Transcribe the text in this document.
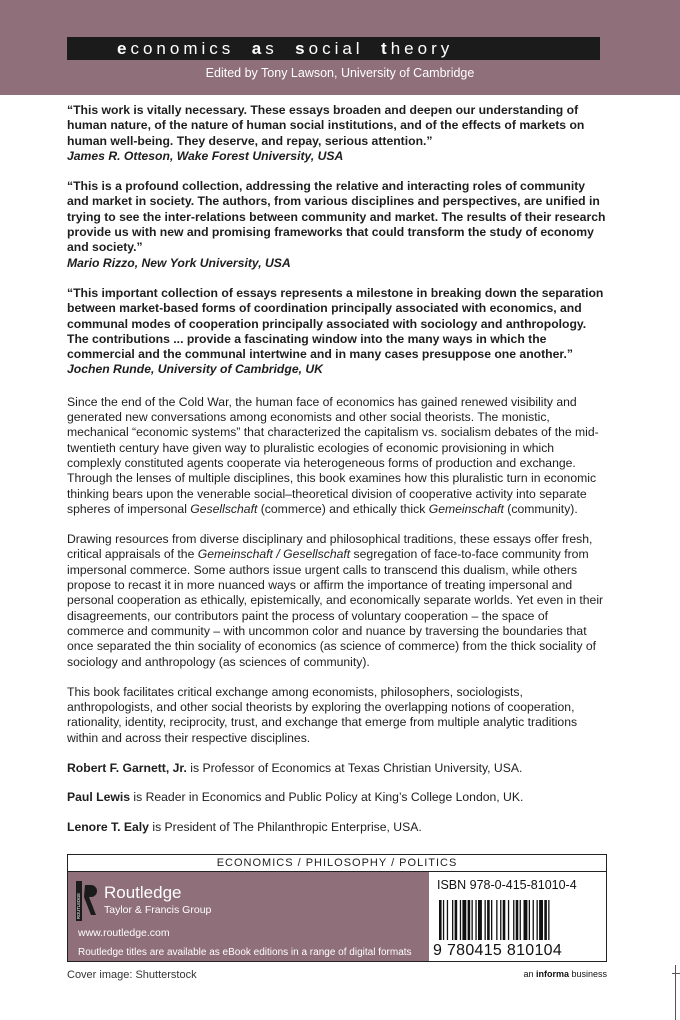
economics  as  social  theory
Edited by Tony Lawson, University of Cambridge

“This work is vitally necessary. These essays broaden and deepen our understanding of human nature, of the nature of human social institutions, and of the effects of markets on human well-being. They deserve, and repay, serious attention.”

James R. Otteson, Wake Forest University, USA

“This is a profound collection, addressing the relative and interacting roles of community and market in society. The authors, from various disciplines and perspectives, are unified in trying to see the inter-relations between community and market. The results of their research provide us with new and promising frameworks that could transform the study of economy and society.”

Mario Rizzo, New York University, USA

“This important collection of essays represents a milestone in breaking down the separation between market-based forms of coordination principally associated with economics, and communal modes of cooperation principally associated with sociology and anthropology. The contributions ... provide a fascinating window into the many ways in which the commercial and the communal intertwine and in many cases presuppose one another.”

Jochen Runde, University of Cambridge, UK

Since the end of the Cold War, the human face of economics has gained renewed visibility and generated new conversations among economists and other social theorists. The monistic, mechanical “economic systems” that characterized the capitalism vs. socialism debates of the mid-twentieth century have given way to pluralistic ecologies of economic provisioning in which complexly constituted agents cooperate via heterogeneous forms of production and exchange. Through the lenses of multiple disciplines, this book examines how this pluralistic turn in economic thinking bears upon the venerable social–theoretical division of cooperative activity into separate spheres of impersonal Gesellschaft (commerce) and ethically thick Gemeinschaft (community).

Drawing resources from diverse disciplinary and philosophical traditions, these essays offer fresh, critical appraisals of the Gemeinschaft / Gesellschaft segregation of face-to-face community from impersonal commerce. Some authors issue urgent calls to transcend this dualism, while others propose to recast it in more nuanced ways or affirm the importance of treating impersonal and personal cooperation as ethically, epistemically, and economically separate worlds. Yet even in their disagreements, our contributors paint the process of voluntary cooperation – the space of commerce and community – with uncommon color and nuance by traversing the boundaries that once separated the thin sociality of economics (as science of commerce) from the thick sociality of sociology and anthropology (as sciences of community).

This book facilitates critical exchange among economists, philosophers, sociologists, anthropologists, and other social theorists by exploring the overlapping notions of cooperation, rationality, identity, reciprocity, trust, and exchange that emerge from multiple analytic traditions within and across their respective disciplines.

Robert F. Garnett, Jr. is Professor of Economics at Texas Christian University, USA.

Paul Lewis is Reader in Economics and Public Policy at King’s College London, UK.

Lenore T. Ealy is President of The Philanthropic Enterprise, USA.

ECONOMICS / PHILOSOPHY / POLITICS
ROUTLEDGE
Routledge
Taylor & Francis Group
www.routledge.com
Routledge titles are available as eBook editions in a range of digital formats
ISBN 978-0-415-81010-4
9 780415 810104
Cover image: Shutterstock	an informa business
